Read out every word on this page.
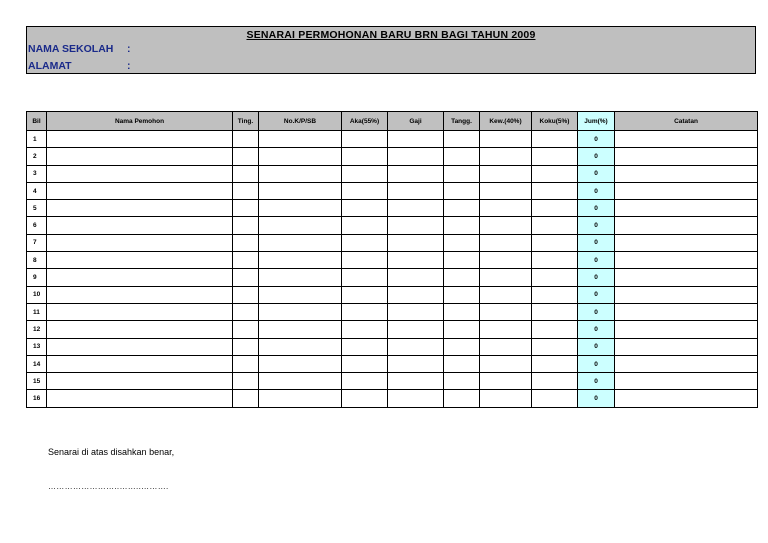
SENARAI PERMOHONAN BARU BRN BAGI TAHUN 2009
NAMA SEKOLAH :
ALAMAT	:
Bil	Nama Pemohon	Ting.	No.K/P/SB	Aka(55%)	Gaji	Tangg.	Kew.(40%)	Koku(5%)	Jum(%)	Catatan
1									0	
2									0	
3									0	
4									0	
5									0	
6									0	
7									0	
8									0	
9									0	
10									0	
11									0	
12									0	
13									0	
14									0	
15									0	
16									0	
Senarai di atas disahkan benar,
……………………..……..……….
